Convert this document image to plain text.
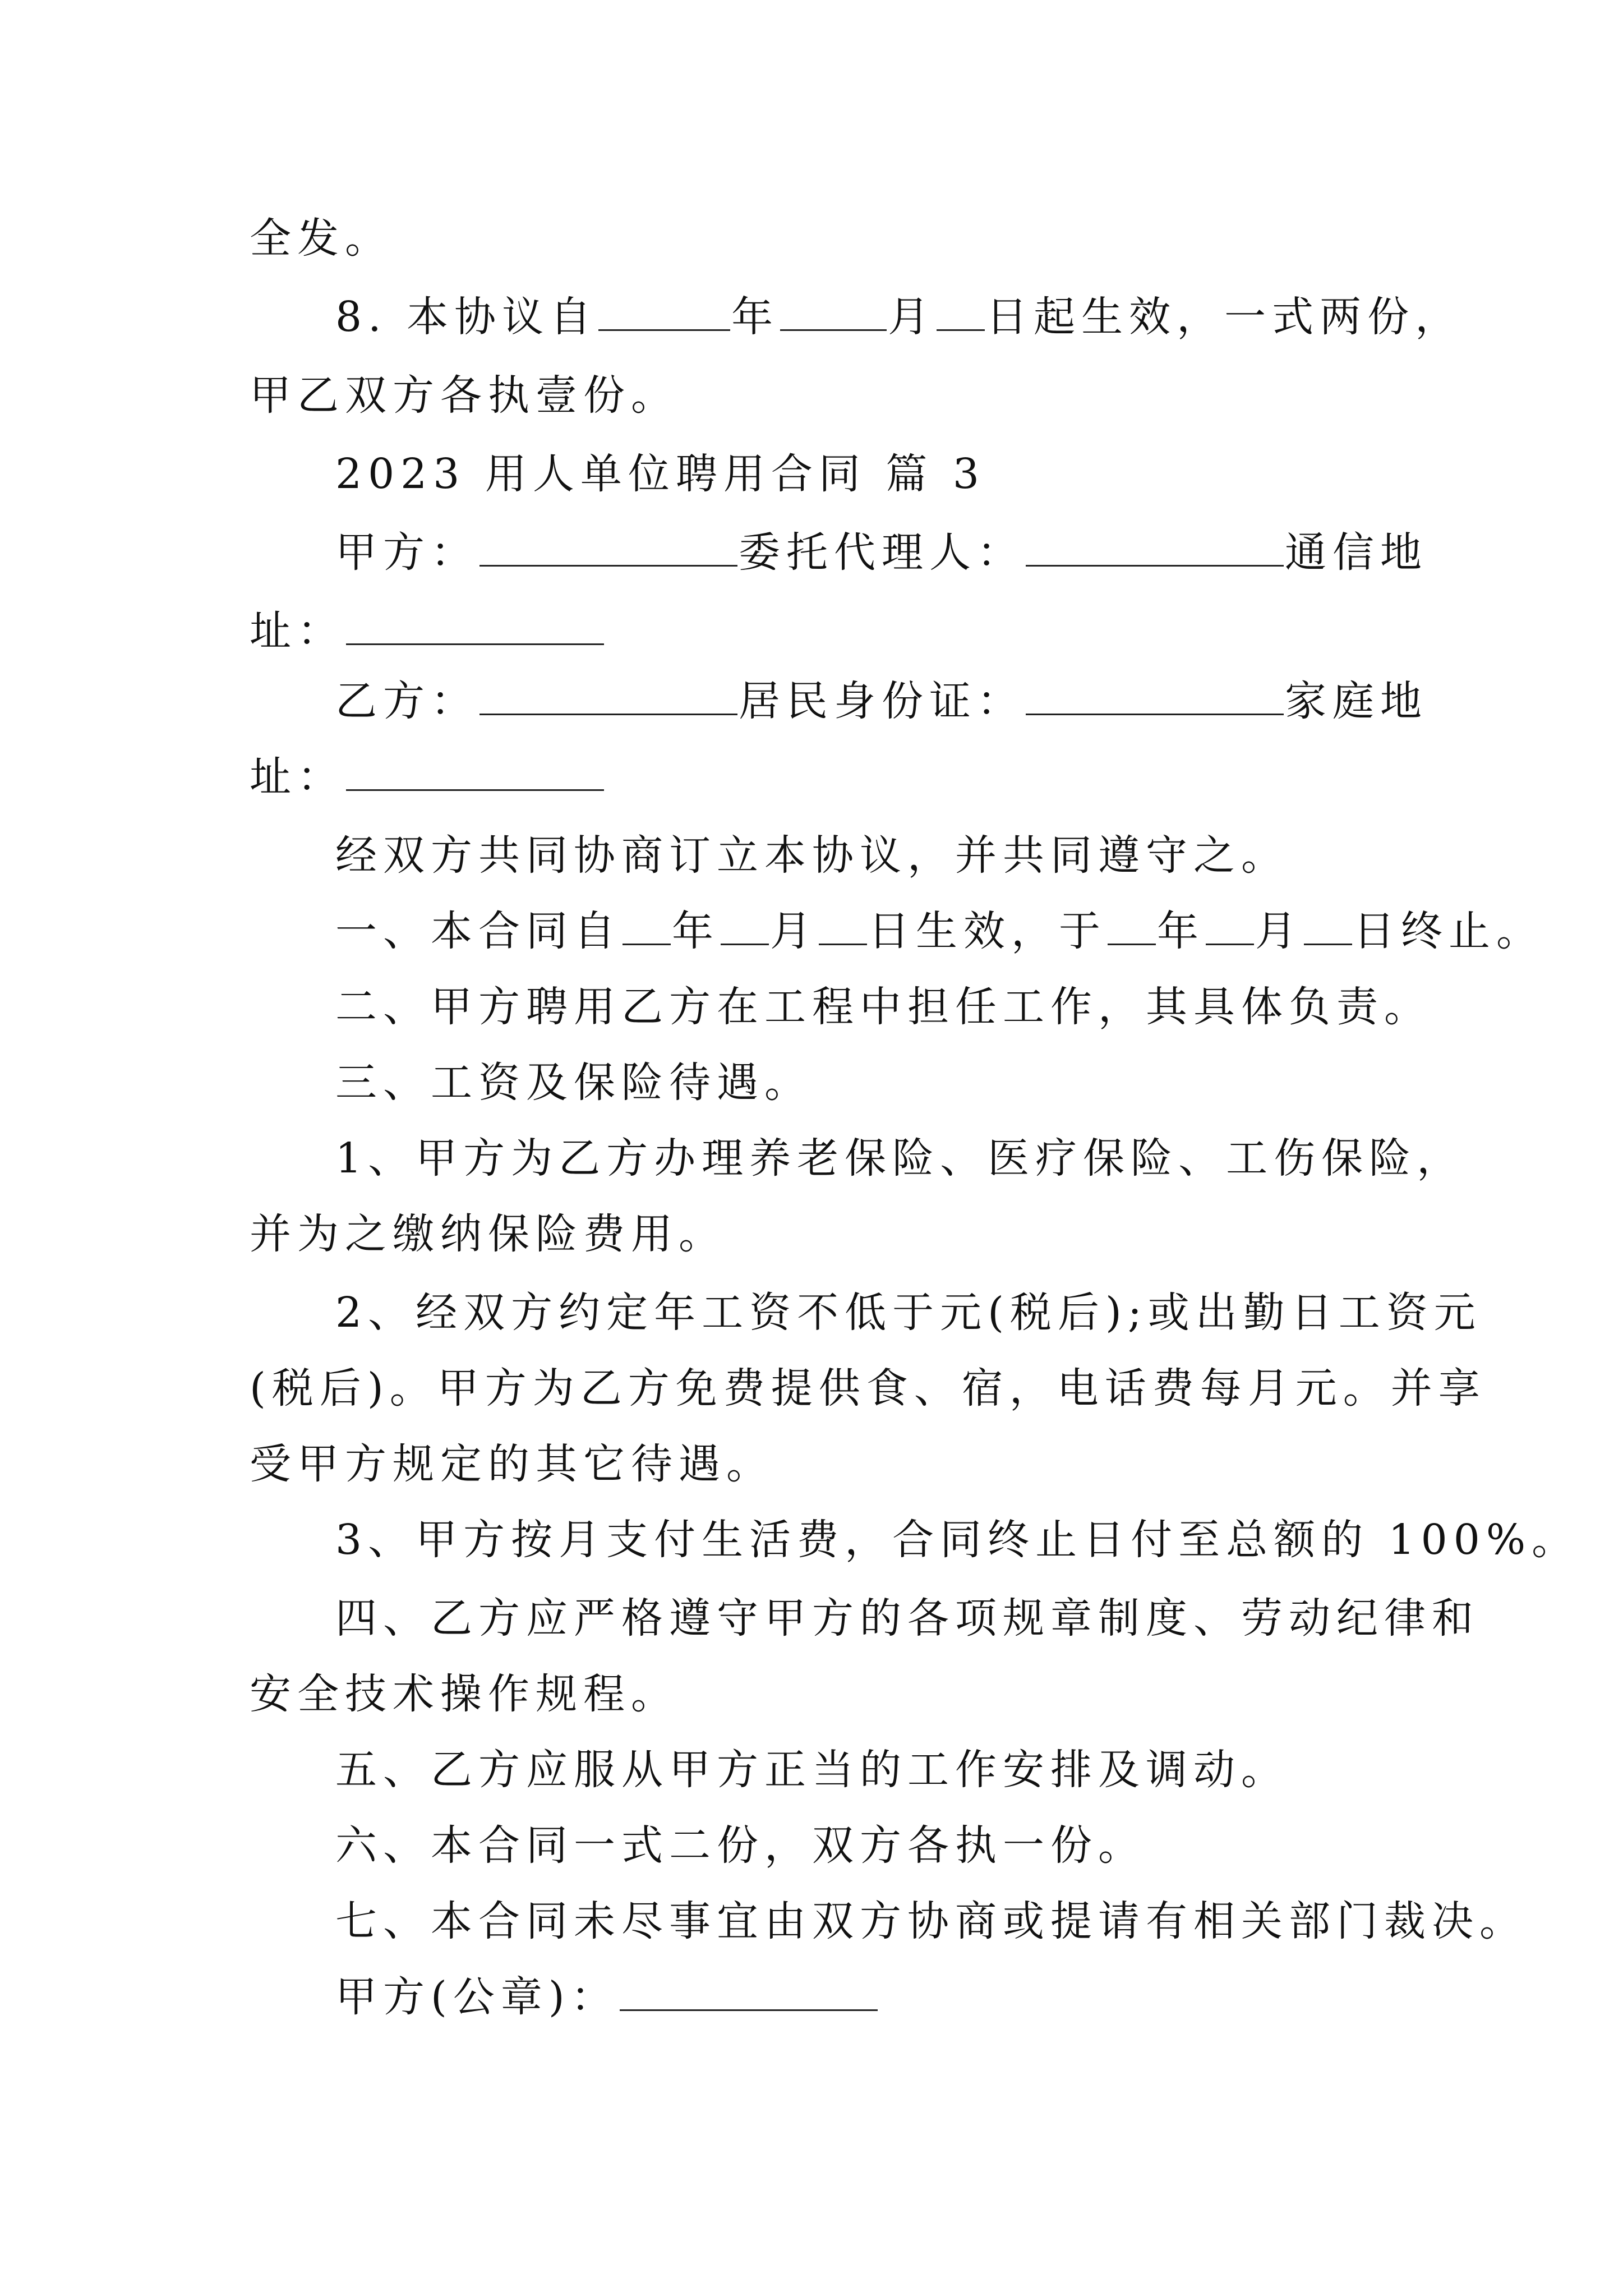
全发。
8. 本协议自	年	月 日起生效，一式两份，
甲乙双方各执壹份。
2023 用人单位聘用合同 篇 3
甲方：	委托代理人：	通信地
址：
乙方：	居民身份证：	家庭地
址：
经双方共同协商订立本协议，并共同遵守之。
一、本合同自 年 月 日生效，于 年 月 日终止。
二、甲方聘用乙方在工程中担任工作，其具体负责。
三、工资及保险待遇。
1、甲方为乙方办理养老保险、医疗保险、工伤保险，
并为之缴纳保险费用。
2、经双方约定年工资不低于元(税后);或出勤日工资元
(税后)。甲方为乙方免费提供食、宿，电话费每月元。并享
受甲方规定的其它待遇。
3、甲方按月支付生活费，合同终止日付至总额的 100%。
四、乙方应严格遵守甲方的各项规章制度、劳动纪律和
安全技术操作规程。
五、乙方应服从甲方正当的工作安排及调动。
六、本合同一式二份，双方各执一份。
七、本合同未尽事宜由双方协商或提请有相关部门裁决。
甲方(公章)：
